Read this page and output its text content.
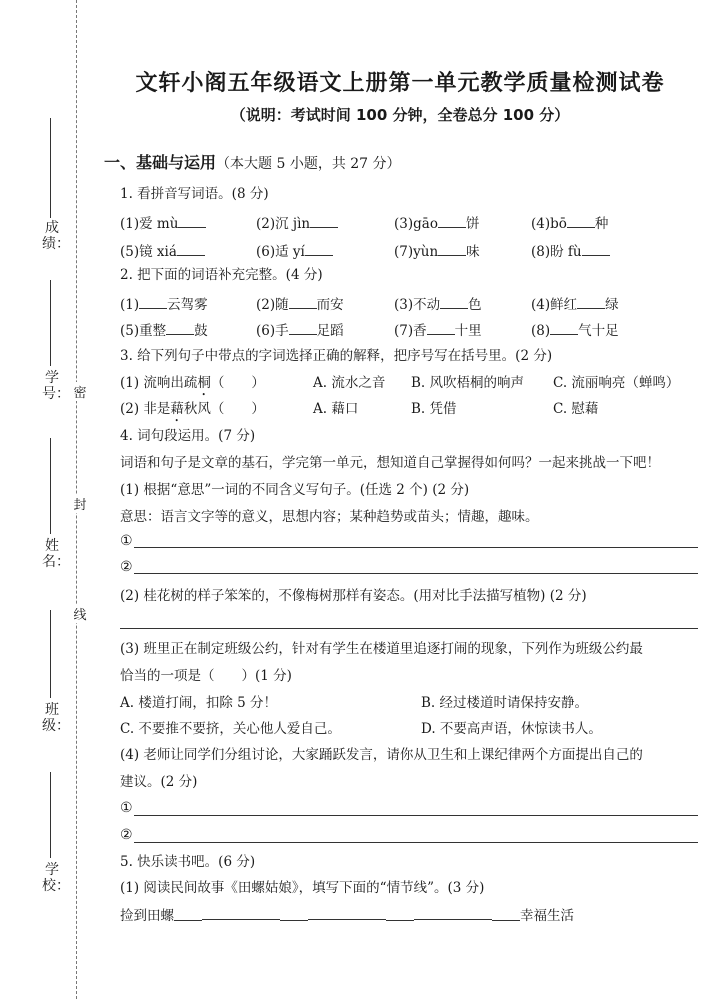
成绩：
学号：
姓名：
班级：
学校：
密
封
线
文轩小阁五年级语文上册第一单元教学质量检测试卷
（说明：考试时间 100 分钟，全卷总分 100 分）
一、基础与运用（本大题 5 小题，共 27 分）
1. 看拼音写词语。(8 分)
(1)爱 mù	(2)沉 jìn	(3)gāo 饼	(4)bō 种
(5)镜 xiá	(6)适 yí	(7)yùn 味	(8)盼 fù
2. 把下面的词语补充完整。(4 分)
(1) 云驾雾	(2)随 而安	(3)不动 色	(4)鲜红 绿
(5)重整 鼓	(6)手 足蹈	(7)香 十里	(8) 气十足
3. 给下列句子中带点的字词选择正确的解释，把序号写在括号里。(2 分)
(1) 流响出疏桐（　　）	A. 流水之音 B. 风吹梧桐的响声 C. 流丽响亮（蝉鸣）
(2) 非是藉秋风（　　）	A. 藉口	B. 凭借	C. 慰藉
4. 词句段运用。(7 分)
词语和句子是文章的基石，学完第一单元，想知道自己掌握得如何吗？一起来挑战一下吧！
(1) 根据“意思”一词的不同含义写句子。(任选 2 个) (2 分)
意思：语言文字等的意义，思想内容；某种趋势或苗头；情趣，趣味。
①
②
(2) 桂花树的样子笨笨的，不像梅树那样有姿态。(用对比手法描写植物) (2 分)
(3) 班里正在制定班级公约，针对有学生在楼道里追逐打闹的现象，下列作为班级公约最
恰当的一项是（　　）(1 分)
A. 楼道打闹，扣除 5 分！	B. 经过楼道时请保持安静。
C. 不要推不要挤，关心他人爱自己。	D. 不要高声语，休惊读书人。
(4) 老师让同学们分组讨论，大家踊跃发言，请你从卫生和上课纪律两个方面提出自己的
建议。(2 分)
①
②
5. 快乐读书吧。(6 分)
(1) 阅读民间故事《田螺姑娘》，填写下面的“情节线”。(3 分)
捡到田螺	幸福生活
